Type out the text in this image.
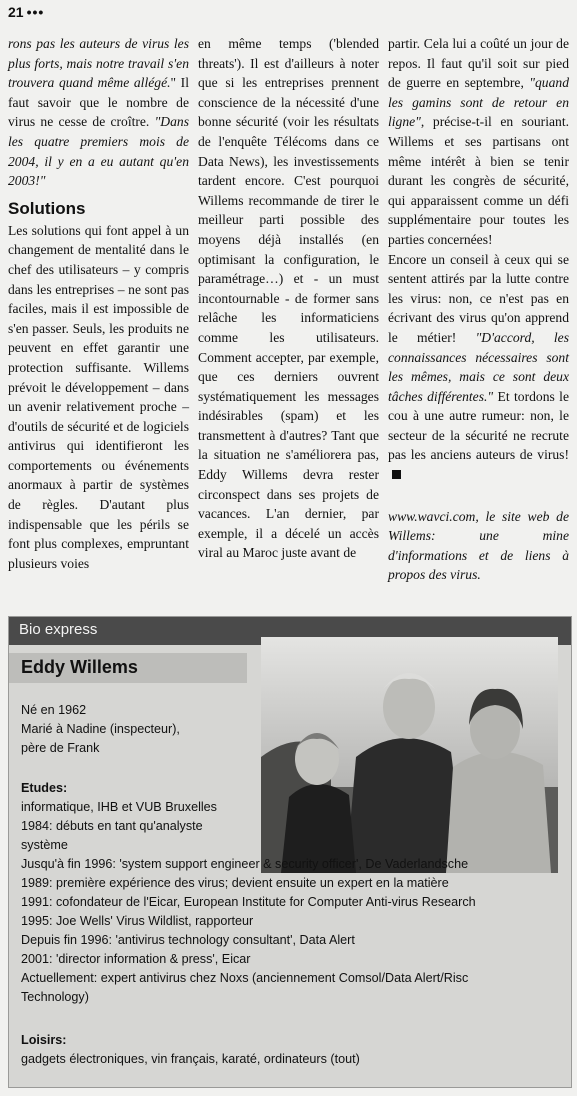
21 •••

rons pas les auteurs de virus les plus forts, mais notre travail s'en trouvera quand même allégé." Il faut savoir que le nombre de virus ne cesse de croître. "Dans les quatre premiers mois de 2004, il y en a eu autant qu'en 2003!"

Solutions

Les solutions qui font appel à un changement de mentalité dans le chef des utilisateurs – y compris dans les entreprises – ne sont pas faciles, mais il est impossible de s'en passer. Seuls, les produits ne peuvent en effet garantir une protection suffisante. Willems prévoit le développement – dans un avenir relativement proche – d'outils de sécurité et de logiciels antivirus qui identifieront les comportements ou événements anormaux à partir de systèmes de règles. D'autant plus indispensable que les périls se font plus complexes, empruntant plusieurs voies

en même temps ('blended threats'). Il est d'ailleurs à noter que si les entreprises prennent conscience de la nécessité d'une bonne sécurité (voir les résultats de l'enquête Télécoms dans ce Data News), les investissements tardent encore. C'est pourquoi Willems recommande de tirer le meilleur parti possible des moyens déjà installés (en optimisant la configuration, le paramétrage…) et - un must incontournable - de former sans relâche les informaticiens comme les utilisateurs. Comment accepter, par exemple, que ces derniers ouvrent systématiquement les messages indésirables (spam) et les transmettent à d'autres? Tant que la situation ne s'améliorera pas, Eddy Willems devra rester circonspect dans ses projets de vacances. L'an dernier, par exemple, il a décelé un accès viral au Maroc juste avant de

partir. Cela lui a coûté un jour de repos. Il faut qu'il soit sur pied de guerre en septembre, "quand les gamins sont de retour en ligne", précise-t-il en souriant. Willems et ses partisans ont même intérêt à bien se tenir durant les congrès de sécurité, qui apparaissent comme un défi supplémentaire pour toutes les parties concernées!

Encore un conseil à ceux qui se sentent attirés par la lutte contre les virus: non, ce n'est pas en écrivant des virus qu'on apprend le métier! "D'accord, les connaissances nécessaires sont les mêmes, mais ce sont deux tâches différentes." Et tordons le cou à une autre rumeur: non, le secteur de la sécurité ne recrute pas les anciens auteurs de virus!

www.wavci.com, le site web de Willems: une mine d'informations et de liens à propos des virus.

Bio express
Eddy Willems
Né en 1962
Marié à Nadine (inspecteur),
père de Frank
Etudes:
informatique, IHB et VUB Bruxelles
1984: débuts en tant qu'analyste
système
Jusqu'à fin 1996: 'system support engineer & security officer', De Vaderlandsche
1989: première expérience des virus; devient ensuite un expert en la matière
1991: cofondateur de l'Eicar, European Institute for Computer Anti-virus Research
1995: Joe Wells' Virus Wildlist, rapporteur
Depuis fin 1996: 'antivirus technology consultant', Data Alert
2001: 'director information & press', Eicar
Actuellement: expert antivirus chez Noxs (anciennement Comsol/Data Alert/Risc
Technology)
Loisirs:
gadgets électroniques, vin français, karaté, ordinateurs (tout)
